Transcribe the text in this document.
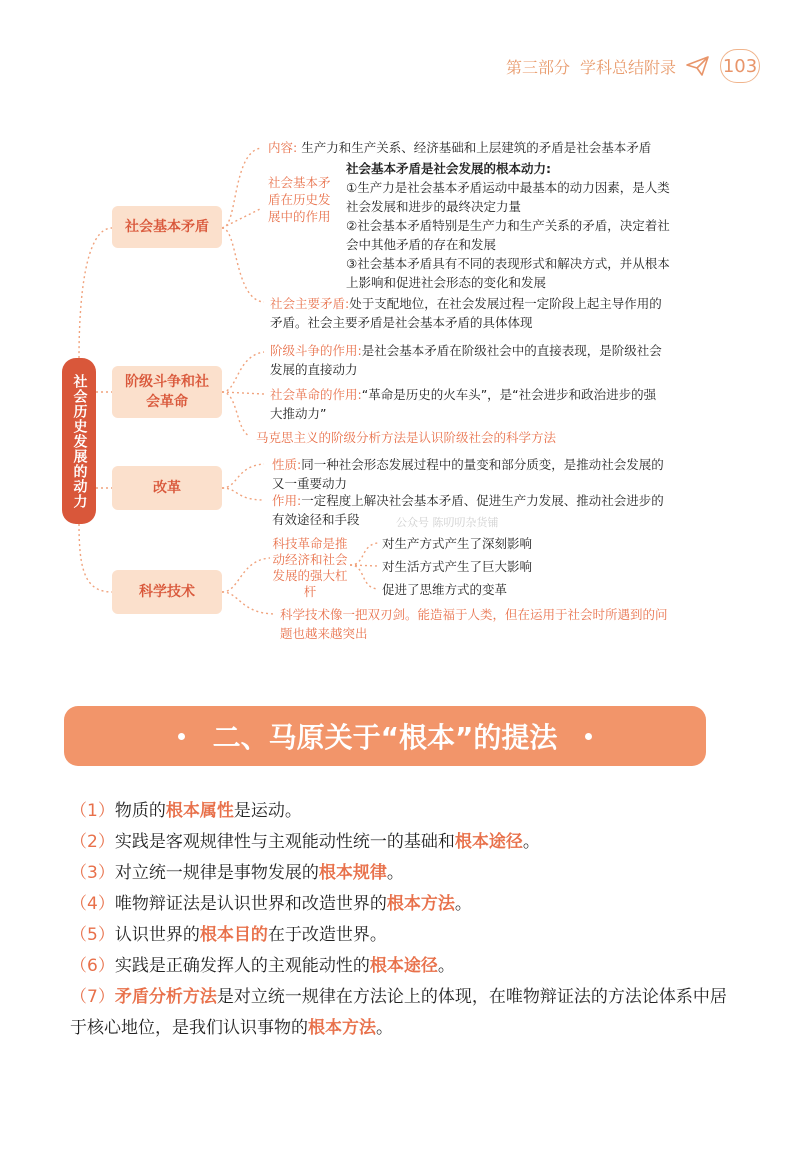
第三部分 学科总结附录	103
社会历史发展的动力
社会基本矛盾
阶级斗争和社会革命
改革
科学技术
内容: 生产力和生产关系、经济基础和上层建筑的矛盾是社会基本矛盾
社会基本矛盾在历史发展中的作用
社会基本矛盾是社会发展的根本动力:
①生产力是社会基本矛盾运动中最基本的动力因素，是人类
社会发展和进步的最终决定力量
②社会基本矛盾特别是生产力和生产关系的矛盾，决定着社
会中其他矛盾的存在和发展
③社会基本矛盾具有不同的表现形式和解决方式，并从根本
上影响和促进社会形态的变化和发展
社会主要矛盾:处于支配地位，在社会发展过程一定阶段上起主导作用的
矛盾。社会主要矛盾是社会基本矛盾的具体体现
阶级斗争的作用:是社会基本矛盾在阶级社会中的直接表现，是阶级社会
发展的直接动力
社会革命的作用:“革命是历史的火车头”，是“社会进步和政治进步的强
大推动力”
马克思主义的阶级分析方法是认识阶级社会的科学方法
性质:同一种社会形态发展过程中的量变和部分质变，是推动社会发展的
又一重要动力
作用:一定程度上解决社会基本矛盾、促进生产力发展、推动社会进步的
有效途径和手段	公众号 陈叨叨杂货铺
科技革命是推动经济和社会发展的强大杠杆
对生产方式产生了深刻影响
对生活方式产生了巨大影响
促进了思维方式的变革
科学技术像一把双刃剑。能造福于人类，但在运用于社会时所遇到的问
题也越来越突出
二、马原关于“根本”的提法

（1）物质的根本属性是运动。

（2）实践是客观规律性与主观能动性统一的基础和根本途径。

（3）对立统一规律是事物发展的根本规律。

（4）唯物辩证法是认识世界和改造世界的根本方法。

（5）认识世界的根本目的在于改造世界。

（6）实践是正确发挥人的主观能动性的根本途径。

（7）矛盾分析方法是对立统一规律在方法论上的体现，在唯物辩证法的方法论体系中居于核心地位，是我们认识事物的根本方法。
